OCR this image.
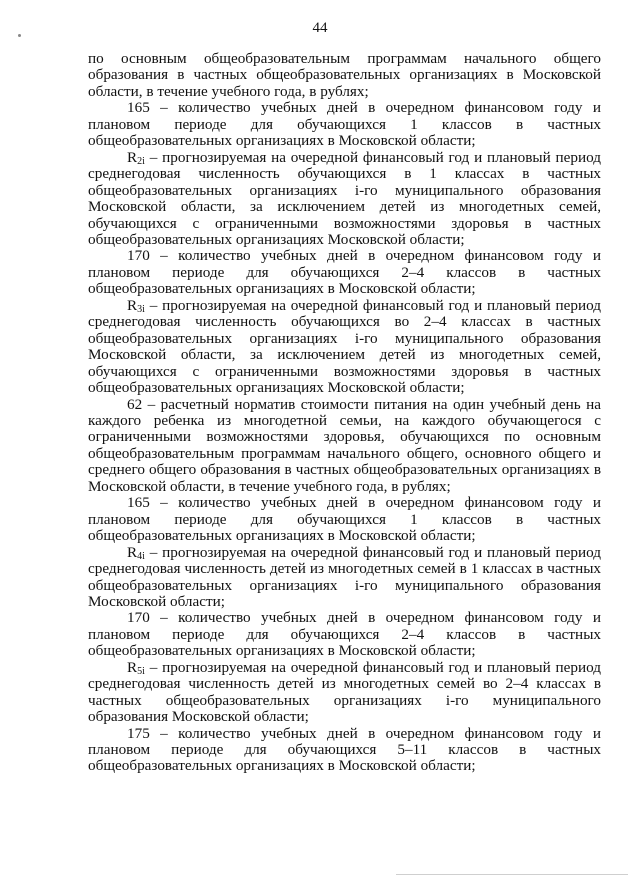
44

по основным общеобразовательным программам начального общего образования в частных общеобразовательных организациях в Московской области, в течение учебного года, в рублях;

165 – количество учебных дней в очередном финансовом году и плановом периоде для обучающихся 1 классов в частных общеобразовательных организациях в Московской области;

$R_{2i}$ – прогнозируемая на очередной финансовый год и плановый период среднегодовая численность обучающихся в 1 классах в частных общеобразовательных организациях i-го муниципального образования Московской области, за исключением детей из многодетных семей, обучающихся с ограниченными возможностями здоровья в частных общеобразовательных организациях Московской области;

170 – количество учебных дней в очередном финансовом году и плановом периоде для обучающихся 2–4 классов в частных общеобразовательных организациях в Московской области;

$R_{3i}$ – прогнозируемая на очередной финансовый год и плановый период среднегодовая численность обучающихся во 2–4 классах в частных общеобразовательных организациях i-го муниципального образования Московской области, за исключением детей из многодетных семей, обучающихся с ограниченными возможностями здоровья в частных общеобразовательных организациях Московской области;

62 – расчетный норматив стоимости питания на один учебный день на каждого ребенка из многодетной семьи, на каждого обучающегося с ограниченными возможностями здоровья, обучающихся по основным общеобразовательным программам начального общего, основного общего и среднего общего образования в частных общеобразовательных организациях в Московской области, в течение учебного года, в рублях;

165 – количество учебных дней в очередном финансовом году и плановом периоде для обучающихся 1 классов в частных общеобразовательных организациях в Московской области;

$R_{4i}$ – прогнозируемая на очередной финансовый год и плановый период среднегодовая численность детей из многодетных семей в 1 классах в частных общеобразовательных организациях i-го муниципального образования Московской области;

170 – количество учебных дней в очередном финансовом году и плановом периоде для обучающихся 2–4 классов в частных общеобразовательных организациях в Московской области;

$R_{5i}$ – прогнозируемая на очередной финансовый год и плановый период среднегодовая численность детей из многодетных семей во 2–4 классах в частных общеобразовательных организациях i-го муниципального образования Московской области;

175 – количество учебных дней в очередном финансовом году и плановом периоде для обучающихся 5–11 классов в частных общеобразовательных организациях в Московской области;
